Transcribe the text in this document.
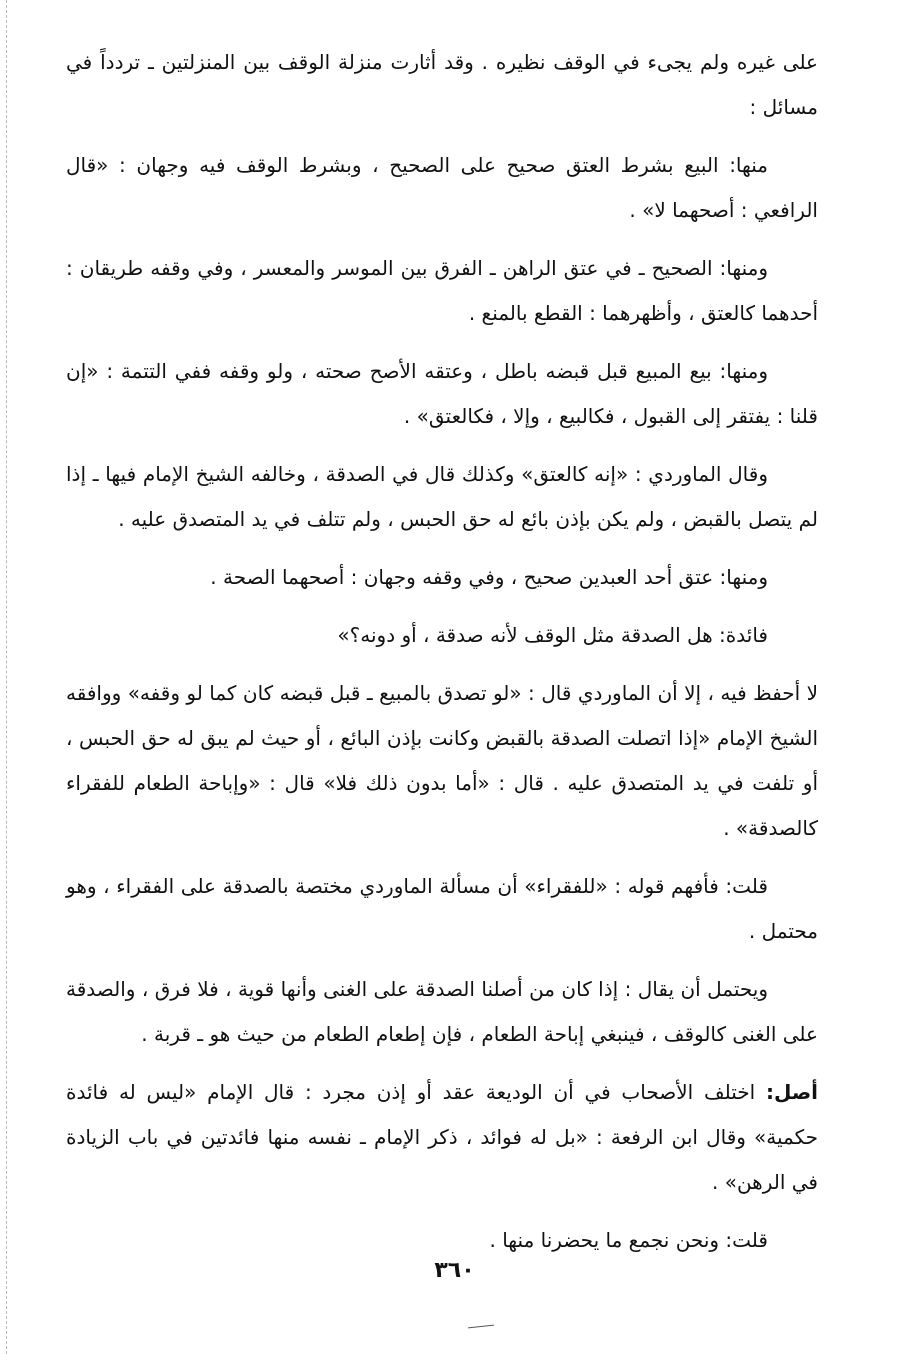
على غيره ولم يجىء في الوقف نظيره . وقد أثارت منزلة الوقف بين المنزلتين ـ تردداً في مسائل :

منها: البيع بشرط العتق صحيح على الصحيح ، وبشرط الوقف فيه وجهان : «قال الرافعي : أصحهما لا» .

ومنها: الصحيح ـ في عتق الراهن ـ الفرق بين الموسر والمعسر ، وفي وقفه طريقان : أحدهما كالعتق ، وأظهرهما : القطع بالمنع .

ومنها: بيع المبيع قبل قبضه باطل ، وعتقه الأصح صحته ، ولو وقفه ففي التتمة : «إن قلنا : يفتقر إلى القبول ، فكالبيع ، وإلا ، فكالعتق» .

وقال الماوردي : «إنه كالعتق» وكذلك قال في الصدقة ، وخالفه الشيخ الإمام فيها ـ إذا لم يتصل بالقبض ، ولم يكن بإذن بائع له حق الحبس ، ولم تتلف في يد المتصدق عليه .

ومنها: عتق أحد العبدين صحيح ، وفي وقفه وجهان : أصحهما الصحة .

فائدة: هل الصدقة مثل الوقف لأنه صدقة ، أو دونه؟»

لا أحفظ فيه ، إلا أن الماوردي قال : «لو تصدق بالمبيع ـ قبل قبضه كان كما لو وقفه» ووافقه الشيخ الإمام «إذا اتصلت الصدقة بالقبض وكانت بإذن البائع ، أو حيث لم يبق له حق الحبس ، أو تلفت في يد المتصدق عليه . قال : «أما بدون ذلك فلا» قال : «وإباحة الطعام للفقراء كالصدقة» .

قلت: فأفهم قوله : «للفقراء» أن مسألة الماوردي مختصة بالصدقة على الفقراء ، وهو محتمل .

ويحتمل أن يقال : إذا كان من أصلنا الصدقة على الغنى وأنها قوية ، فلا فرق ، والصدقة على الغنى كالوقف ، فينبغي إباحة الطعام ، فإن إطعام الطعام من حيث هو ـ قربة .

أصل: اختلف الأصحاب في أن الوديعة عقد أو إذن مجرد : قال الإمام «ليس له فائدة حكمية» وقال ابن الرفعة : «بل له فوائد ، ذكر الإمام ـ نفسه منها فائدتين في باب الزيادة في الرهن» .

قلت: ونحن نجمع ما يحضرنا منها .

٣٦٠
